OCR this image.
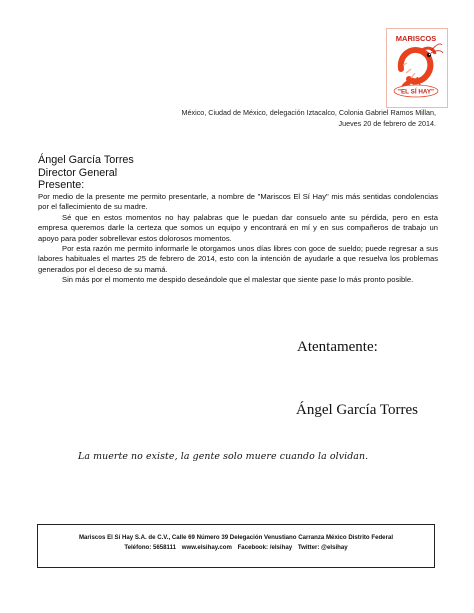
MARISCOS
"EL SÍ HAY"
México, Ciudad de México, delegación Iztacalco, Colonia Gabriel Ramos Millan,
Jueves 20 de febrero de 2014.
Ángel García Torres
Director General
Presente:

Por medio de la presente me permito presentarle, a nombre de "Mariscos El Sí Hay" mis más sentidas condolencias por el fallecimiento de su madre.

Sé que en estos momentos no hay palabras que le puedan dar consuelo ante su pérdida, pero en esta empresa queremos darle la certeza que somos un equipo y encontrará en mí y en sus compañeros de trabajo un apoyo para poder sobrellevar estos dolorosos momentos.

Por esta razón me permito informarle le otorgamos unos días libres con goce de sueldo; puede regresar a sus labores habituales el martes 25 de febrero de 2014, esto con la intención de ayudarle a que resuelva los problemas generados por el deceso de su mamá.

Sin más por el momento me despido deseándole que el malestar que siente pase lo más pronto posible.

Atentamente:
Ángel García Torres
La muerte no existe, la gente solo muere cuando la olvidan.
Mariscos El Sí Hay S.A. de C.V., Calle 69 Número 39 Delegación Venustiano Carranza México Distrito Federal
Teléfono: 5658111 www.elsihay.com Facebook: /elsihay Twitter: @elsihay
